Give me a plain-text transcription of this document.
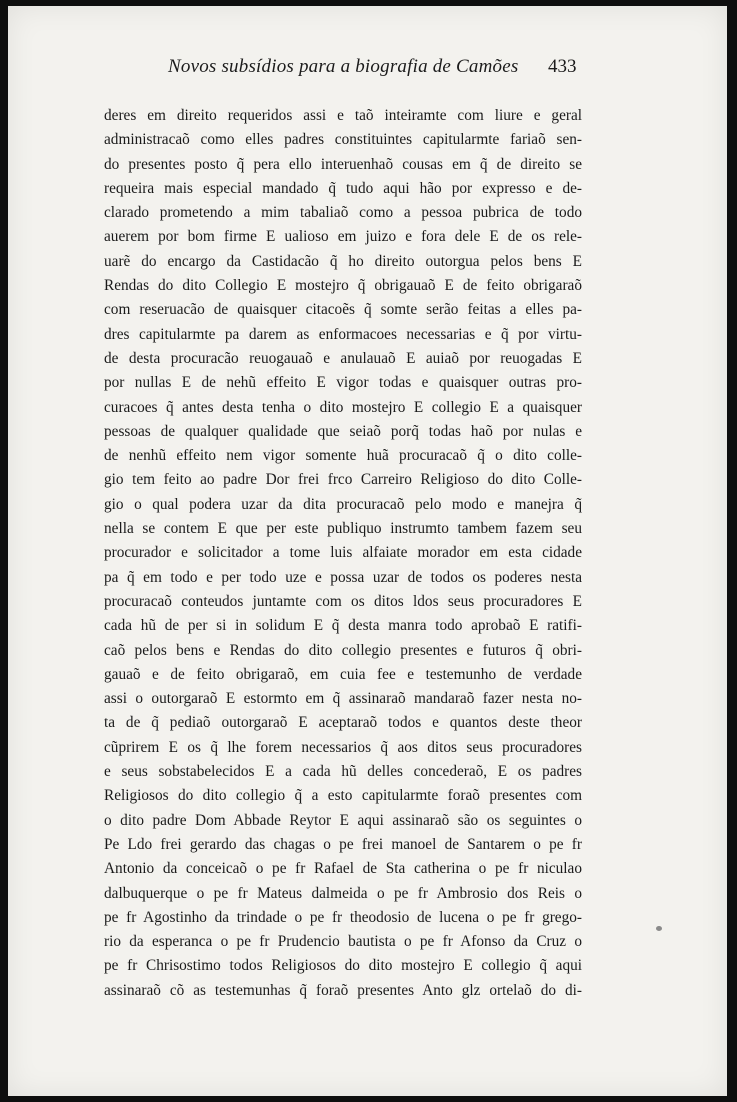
Novos subsídios para a biografia de Camões 433
deres em direito requeridos assi e taõ inteiramte com liure e geral
administracaõ como elles padres constituintes capitularmte fariaõ sen-
do presentes posto q̃ pera ello interuenhaõ cousas em q̃ de direito se
requeira mais especial mandado q̃ tudo aqui hão por expresso e de-
clarado prometendo a mim tabaliaõ como a pessoa pubrica de todo
auerem por bom firme E ualioso em juizo e fora dele E de os rele-
uarẽ do encargo da Castidacão q̃ ho direito outorgua pelos bens E
Rendas do dito Collegio E mostejro q̃ obrigauaõ E de feito obrigaraõ
com reseruacão de quaisquer citacoẽs q̃ somte serão feitas a elles pa-
dres capitularmte pa darem as enformacoes necessarias e q̃ por virtu-
de desta procuracão reuogauaõ e anulauaõ E auiaõ por reuogadas E
por nullas E de nehũ effeito E vigor todas e quaisquer outras pro-
curacoes q̃ antes desta tenha o dito mostejro E collegio E a quaisquer
pessoas de qualquer qualidade que seiaõ porq̃ todas haõ por nulas e
de nenhũ effeito nem vigor somente huã procuracaõ q̃ o dito colle-
gio tem feito ao padre Dor frei frco Carreiro Religioso do dito Colle-
gio o qual podera uzar da dita procuracaõ pelo modo e manejra q̃
nella se contem E que per este publiquo instrumto tambem fazem seu
procurador e solicitador a tome luis alfaiate morador em esta cidade
pa q̃ em todo e per todo uze e possa uzar de todos os poderes nesta
procuracaõ conteudos juntamte com os ditos ldos seus procuradores E
cada hũ de per si in solidum E q̃ desta manra todo aprobaõ E ratifi-
caõ pelos bens e Rendas do dito collegio presentes e futuros q̃ obri-
gauaõ e de feito obrigaraõ, em cuia fee e testemunho de verdade
assi o outorgaraõ E estormto em q̃ assinaraõ mandaraõ fazer nesta no-
ta de q̃ pediaõ outorgaraõ E aceptaraõ todos e quantos deste theor
cũprirem E os q̃ lhe forem necessarios q̃ aos ditos seus procuradores
e seus sobstabelecidos E a cada hũ delles concederaõ, E os padres
Religiosos do dito collegio q̃ a esto capitularmte foraõ presentes com
o dito padre Dom Abbade Reytor E aqui assinaraõ são os seguintes o
Pe Ldo frei gerardo das chagas o pe frei manoel de Santarem o pe fr
Antonio da conceicaõ o pe fr Rafael de Sta catherina o pe fr niculao
dalbuquerque o pe fr Mateus dalmeida o pe fr Ambrosio dos Reis o
pe fr Agostinho da trindade o pe fr theodosio de lucena o pe fr grego-
rio da esperanca o pe fr Prudencio bautista o pe fr Afonso da Cruz o
pe fr Chrisostimo todos Religiosos do dito mostejro E collegio q̃ aqui
assinaraõ cõ as testemunhas q̃ foraõ presentes Anto glz ortelaõ do di-
